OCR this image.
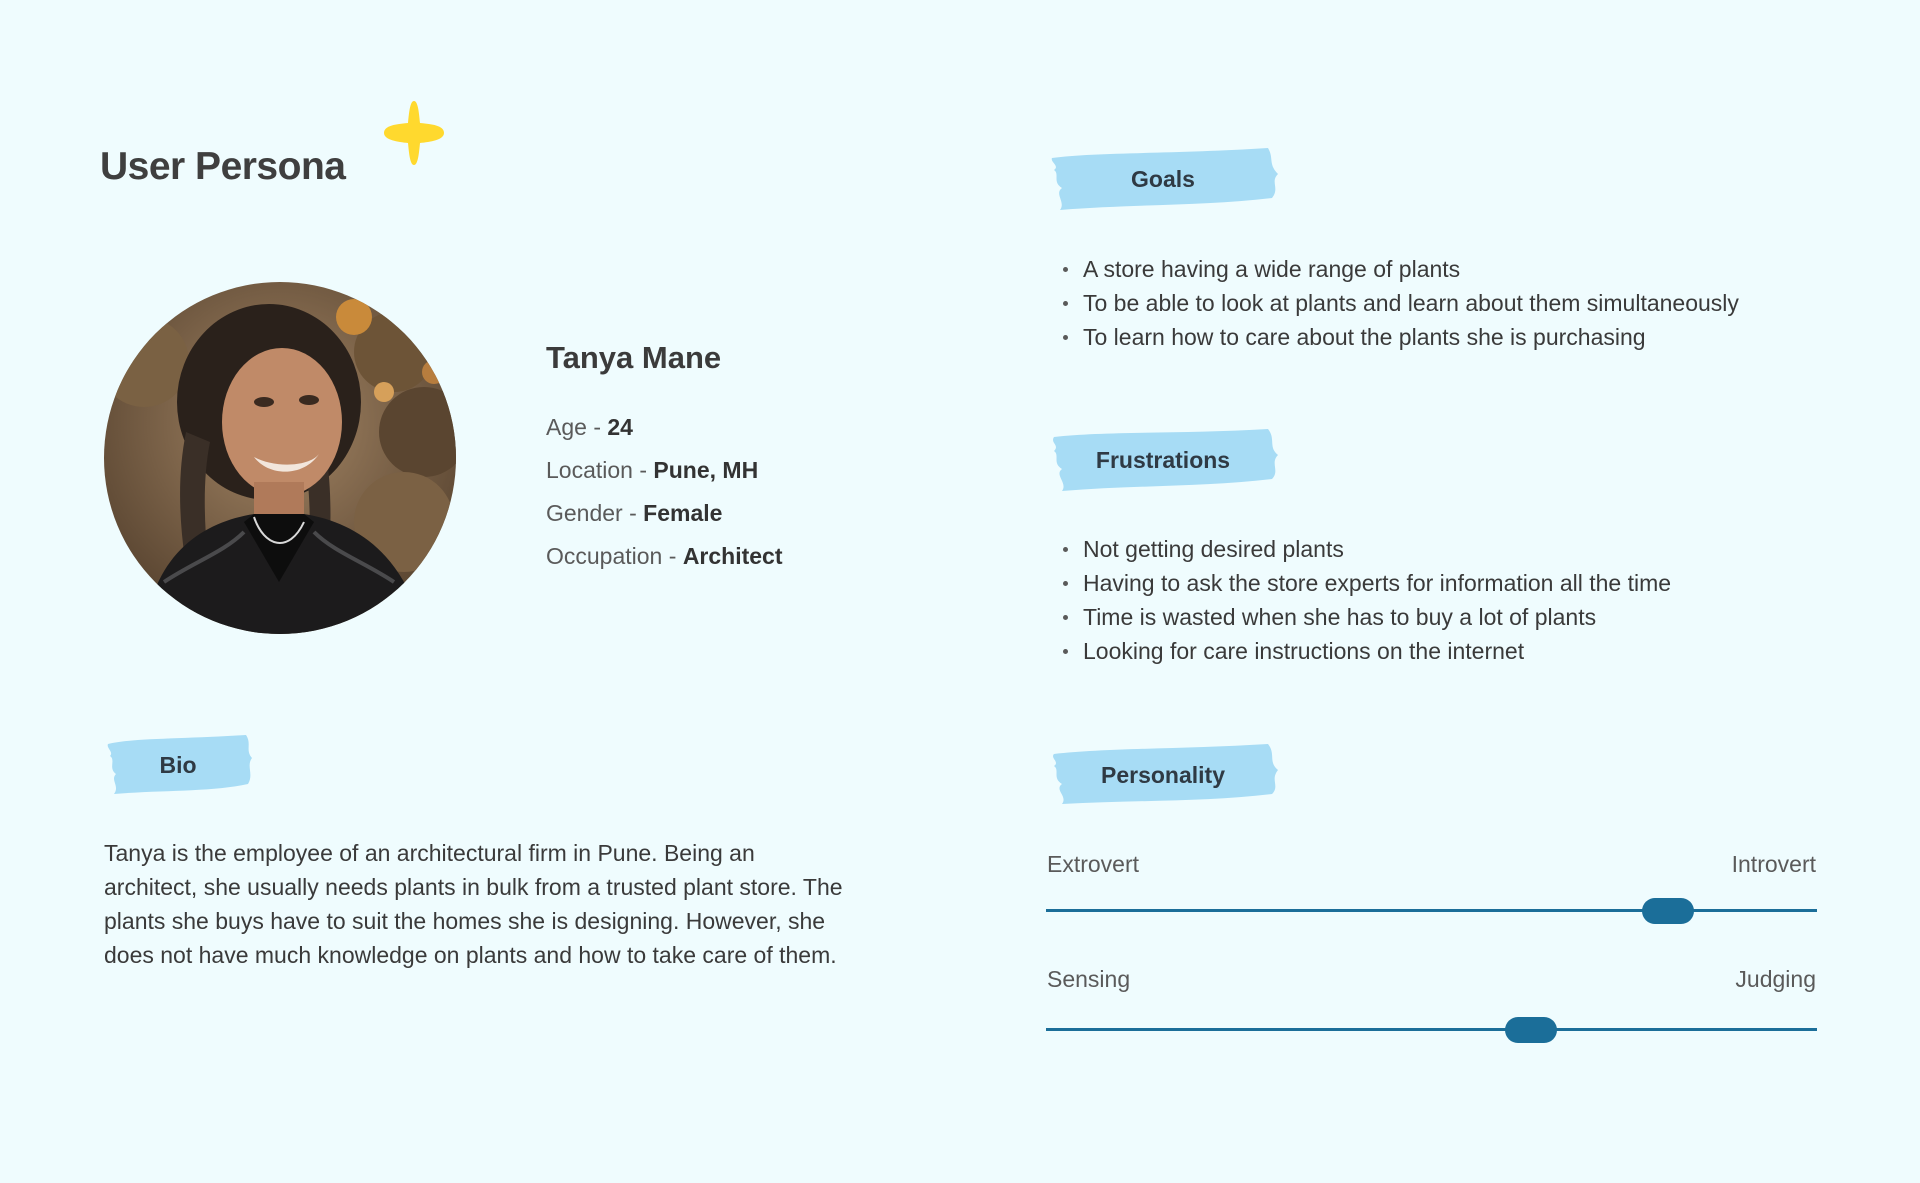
User Persona
Tanya Mane
Age - 24
Location - Pune, MH
Gender - Female
Occupation - Architect
Bio
Tanya is the employee of an architectural firm in Pune. Being an architect, she usually needs plants in bulk from a trusted plant store. The plants she buys have to suit the homes she is designing. However, she does not have much knowledge on plants and how to take care of them.
Goals
A store having a wide range of plants
To be able to look at plants and learn about them simultaneously
To learn how to care about the plants she is purchasing
Frustrations
Not getting desired plants
Having to ask the store experts for information all the time
Time is wasted when she has to buy a lot of plants
Looking for care instructions on the internet
Personality
Extrovert	Introvert
Sensing	Judging
